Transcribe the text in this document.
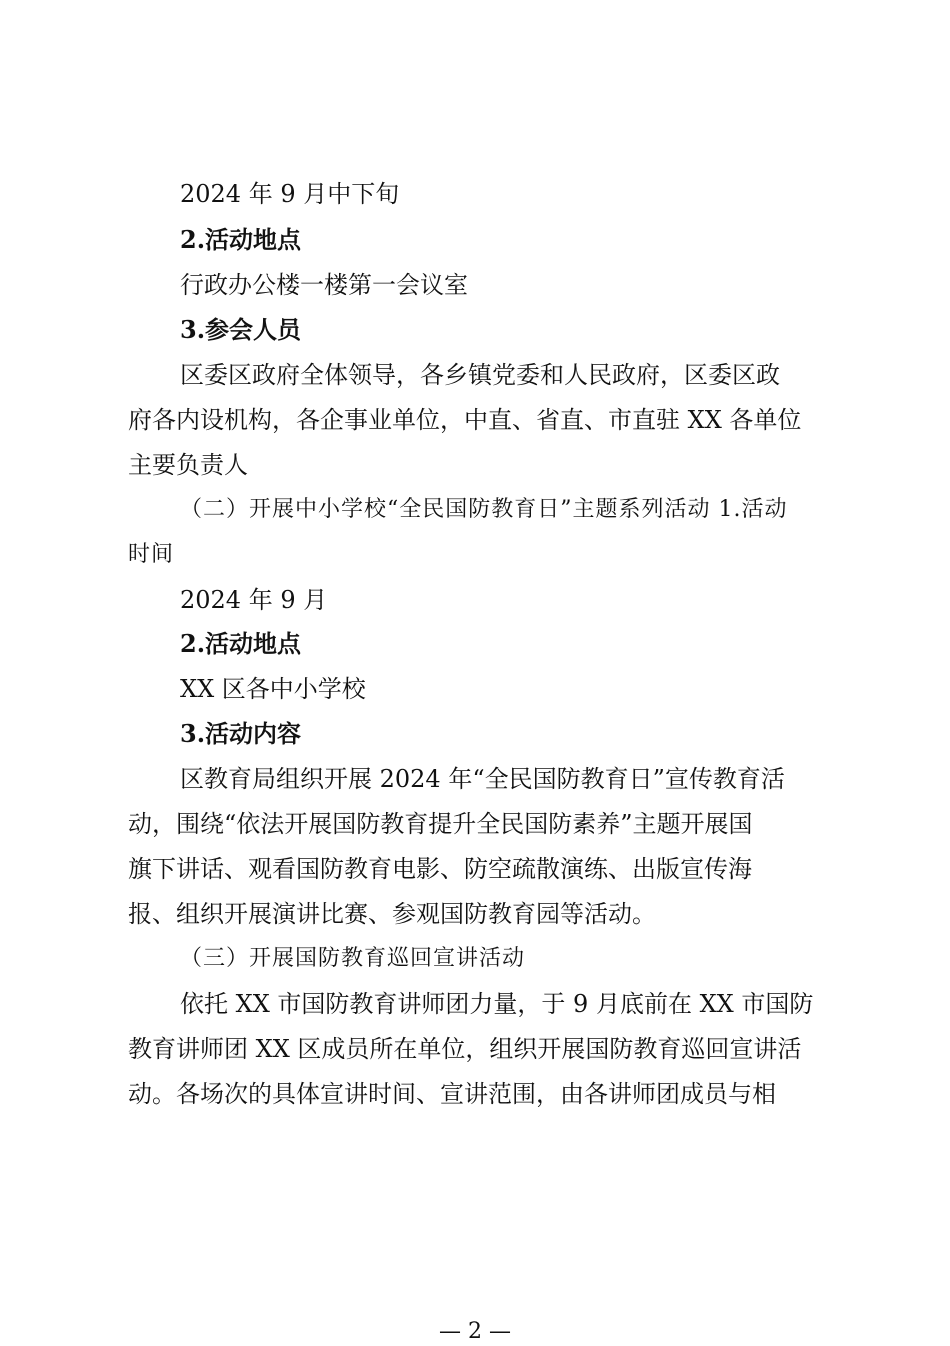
2024 年 9 月中下旬
2.活动地点
行政办公楼一楼第一会议室
3.参会人员
区委区政府全体领导，各乡镇党委和人民政府，区委区政
府各内设机构，各企事业单位，中直、省直、市直驻 XX 各单位
主要负责人
（二）开展中小学校“全民国防教育日”主题系列活动 1.活动
时间
2024 年 9 月
2.活动地点
XX 区各中小学校
3.活动内容
区教育局组织开展 2024 年“全民国防教育日”宣传教育活
动，围绕“依法开展国防教育提升全民国防素养”主题开展国
旗下讲话、观看国防教育电影、防空疏散演练、出版宣传海
报、组织开展演讲比赛、参观国防教育园等活动。
（三）开展国防教育巡回宣讲活动
依托 XX 市国防教育讲师团力量，于 9 月底前在 XX 市国防
教育讲师团 XX 区成员所在单位，组织开展国防教育巡回宣讲活
动。各场次的具体宣讲时间、宣讲范围，由各讲师团成员与相
— 2 —
